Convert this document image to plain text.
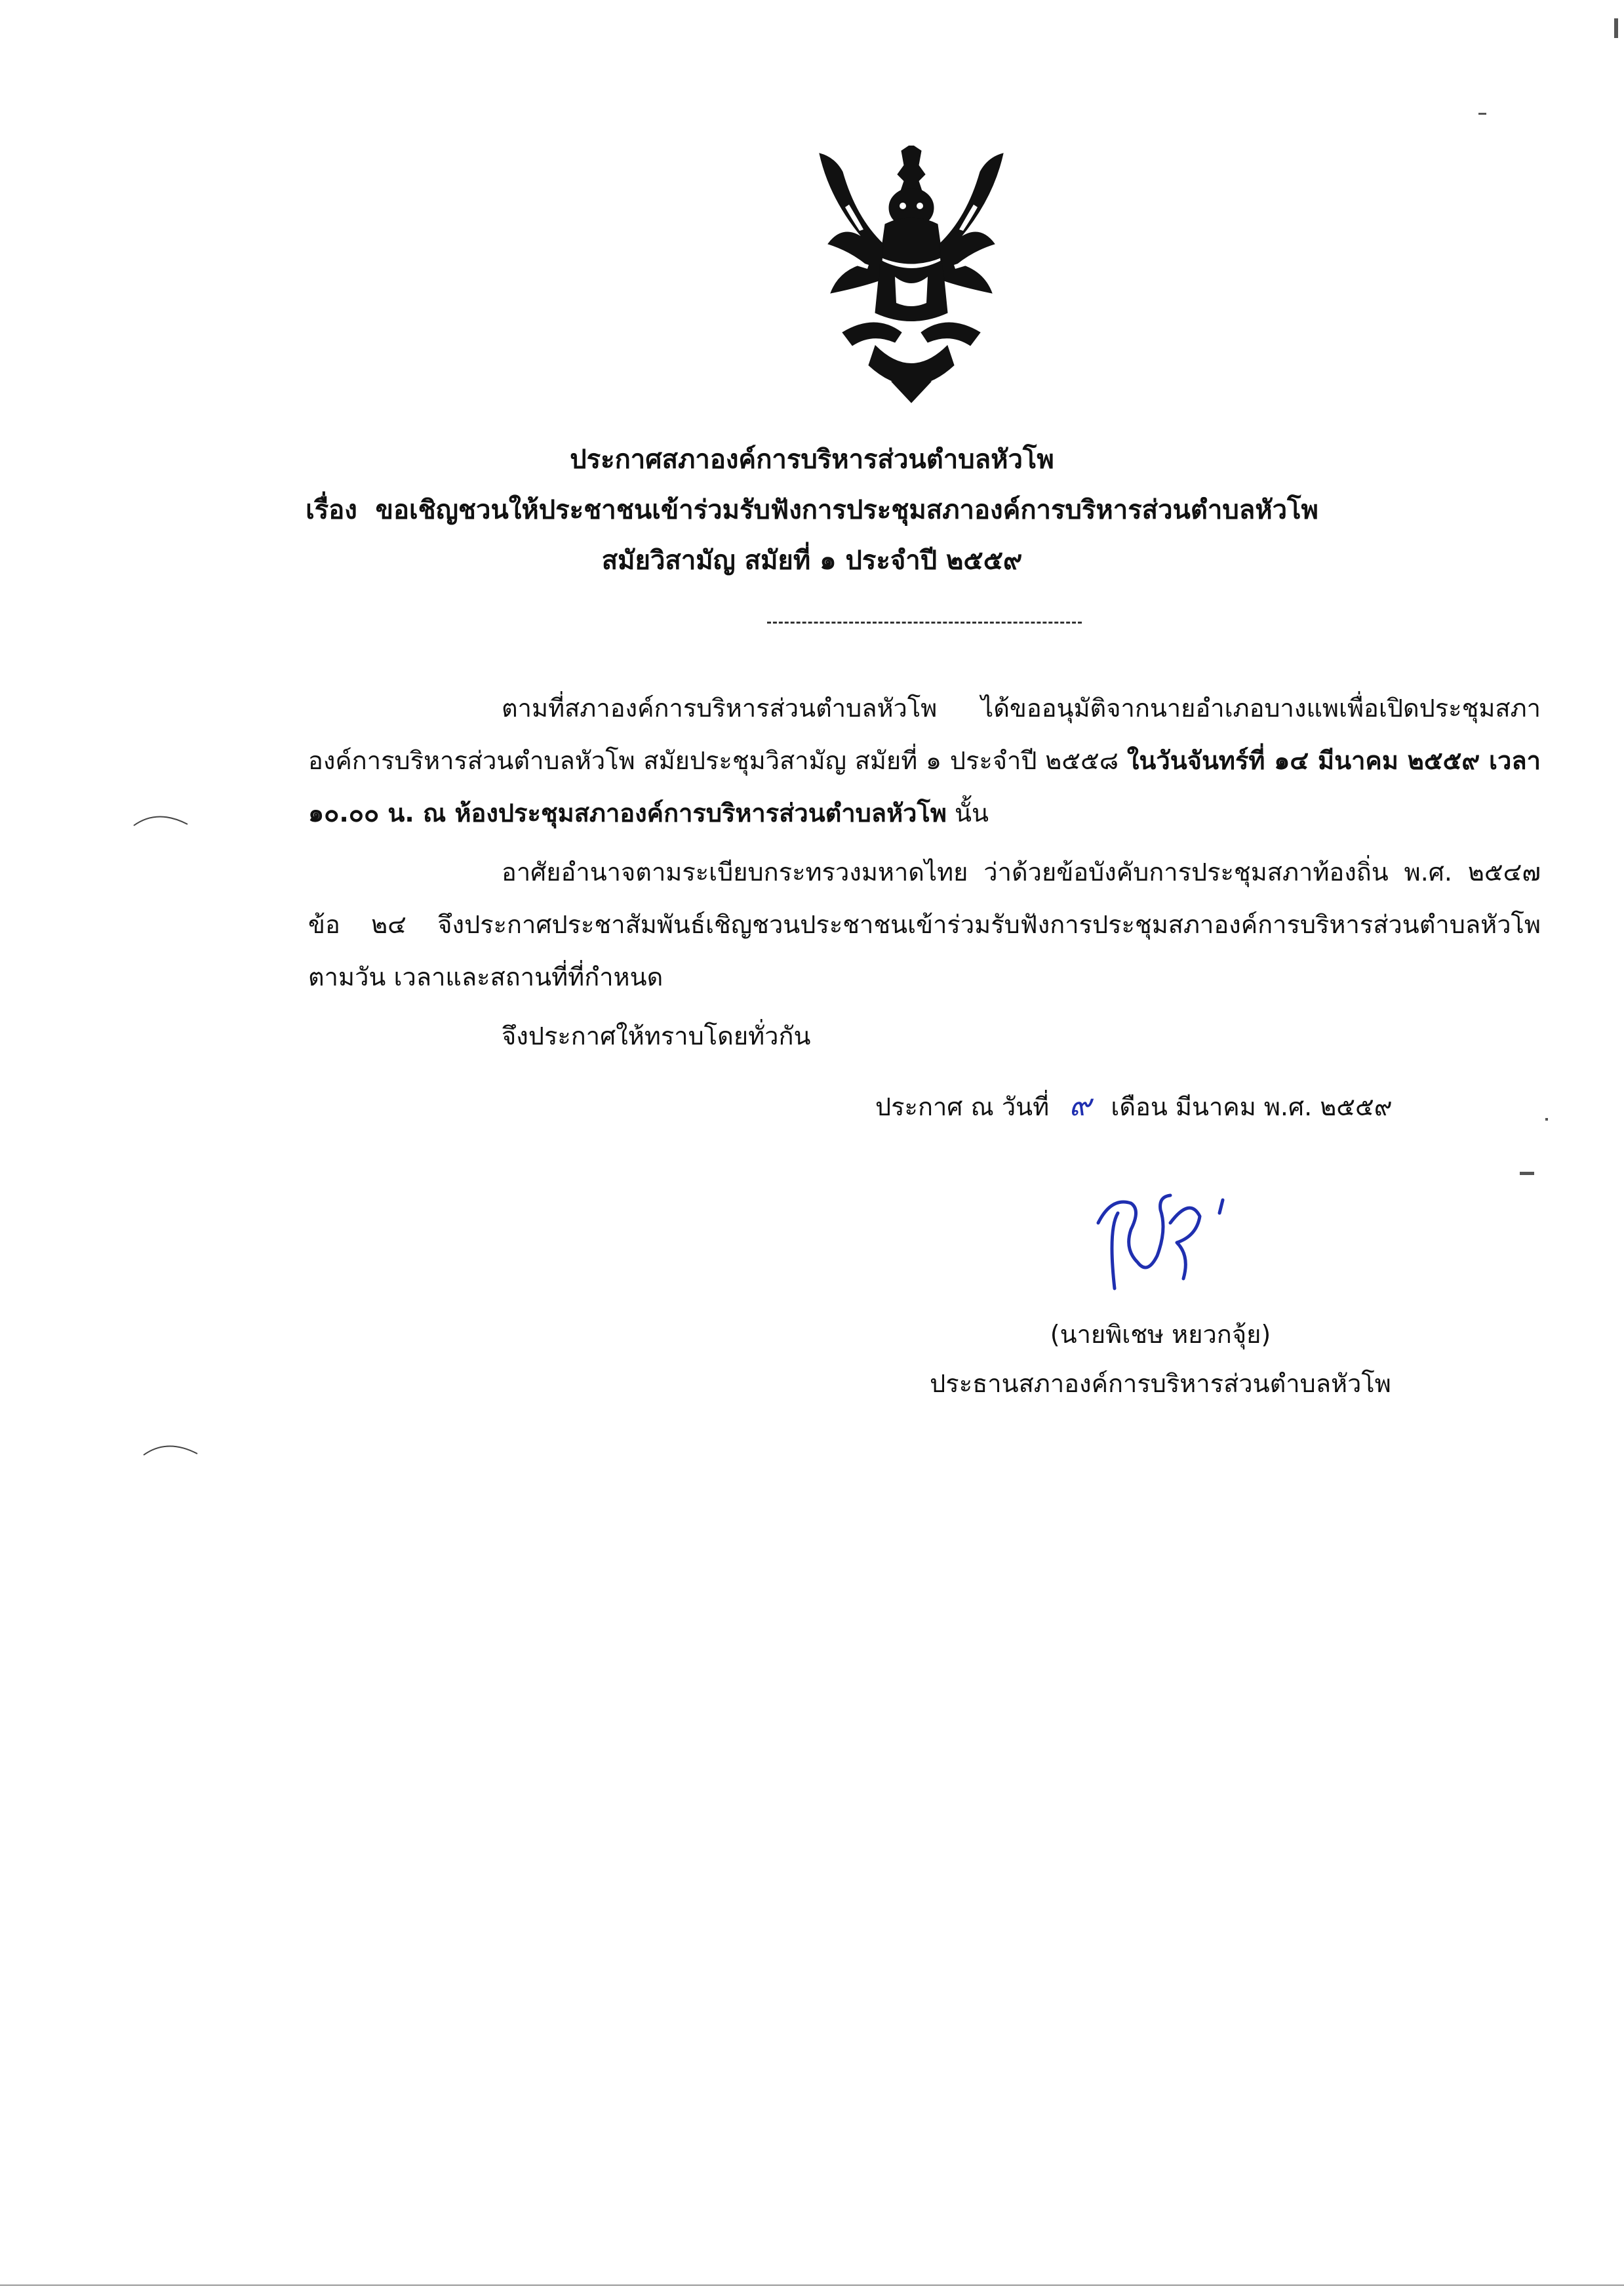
ประกาศสภาองค์การบริหารส่วนตำบลหัวโพ
เรื่อง ขอเชิญชวนให้ประชาชนเข้าร่วมรับฟังการประชุมสภาองค์การบริหารส่วนตำบลหัวโพ
สมัยวิสามัญ สมัยที่ ๑ ประจำปี ๒๕๕๙
ตามที่สภาองค์การบริหารส่วนตำบลหัวโพ ได้ขออนุมัติจากนายอำเภอบางแพเพื่อเปิดประชุมสภาองค์การบริหารส่วนตำบลหัวโพ สมัยประชุมวิสามัญ สมัยที่ ๑ ประจำปี ๒๕๕๘ ในวันจันทร์ที่ ๑๔ มีนาคม ๒๕๕๙ เวลา ๑๐.๐๐ น. ณ ห้องประชุมสภาองค์การบริหารส่วนตำบลหัวโพ นั้น
อาศัยอำนาจตามระเบียบกระทรวงมหาดไทย ว่าด้วยข้อบังคับการประชุมสภาท้องถิ่น พ.ศ. ๒๕๔๗ ข้อ ๒๔ จึงประกาศประชาสัมพันธ์เชิญชวนประชาชนเข้าร่วมรับฟังการประชุมสภาองค์การบริหารส่วนตำบลหัวโพ ตามวัน เวลาและสถานที่ที่กำหนด
จึงประกาศให้ทราบโดยทั่วกัน
ประกาศ ณ วันที่ ๙ เดือน มีนาคม พ.ศ. ๒๕๕๙
(นายพิเชษ หยวกจุ้ย)
ประธานสภาองค์การบริหารส่วนตำบลหัวโพ
